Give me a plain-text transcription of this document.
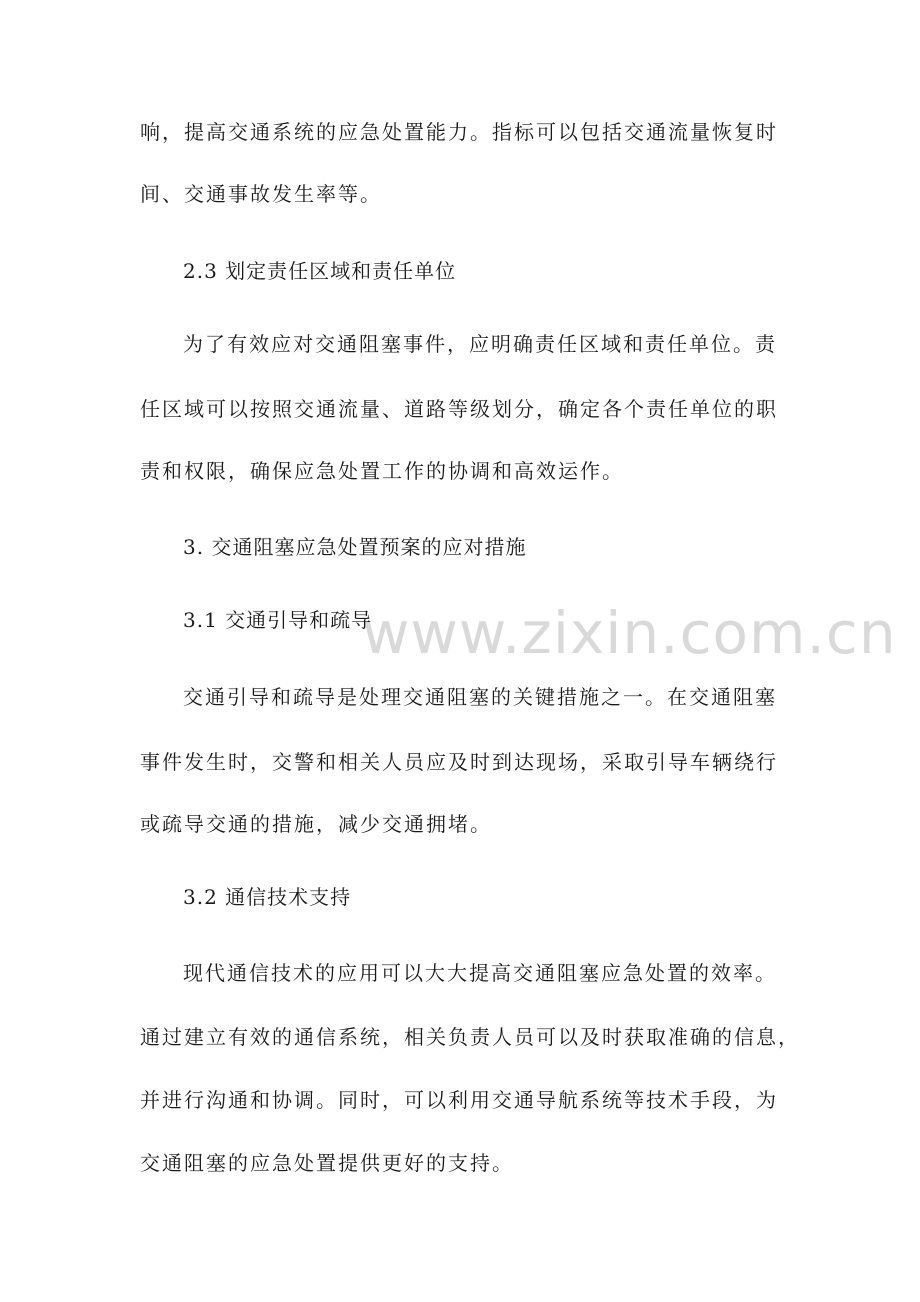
www.zixin.com.cn
响，提高交通系统的应急处置能力。指标可以包括交通流量恢复时
间、交通事故发生率等。
2.3 划定责任区域和责任单位
为了有效应对交通阻塞事件，应明确责任区域和责任单位。责
任区域可以按照交通流量、道路等级划分，确定各个责任单位的职
责和权限，确保应急处置工作的协调和高效运作。
3. 交通阻塞应急处置预案的应对措施
3.1 交通引导和疏导
交通引导和疏导是处理交通阻塞的关键措施之一。在交通阻塞
事件发生时，交警和相关人员应及时到达现场，采取引导车辆绕行
或疏导交通的措施，减少交通拥堵。
3.2 通信技术支持
现代通信技术的应用可以大大提高交通阻塞应急处置的效率。
通过建立有效的通信系统，相关负责人员可以及时获取准确的信息，
并进行沟通和协调。同时，可以利用交通导航系统等技术手段，为
交通阻塞的应急处置提供更好的支持。
